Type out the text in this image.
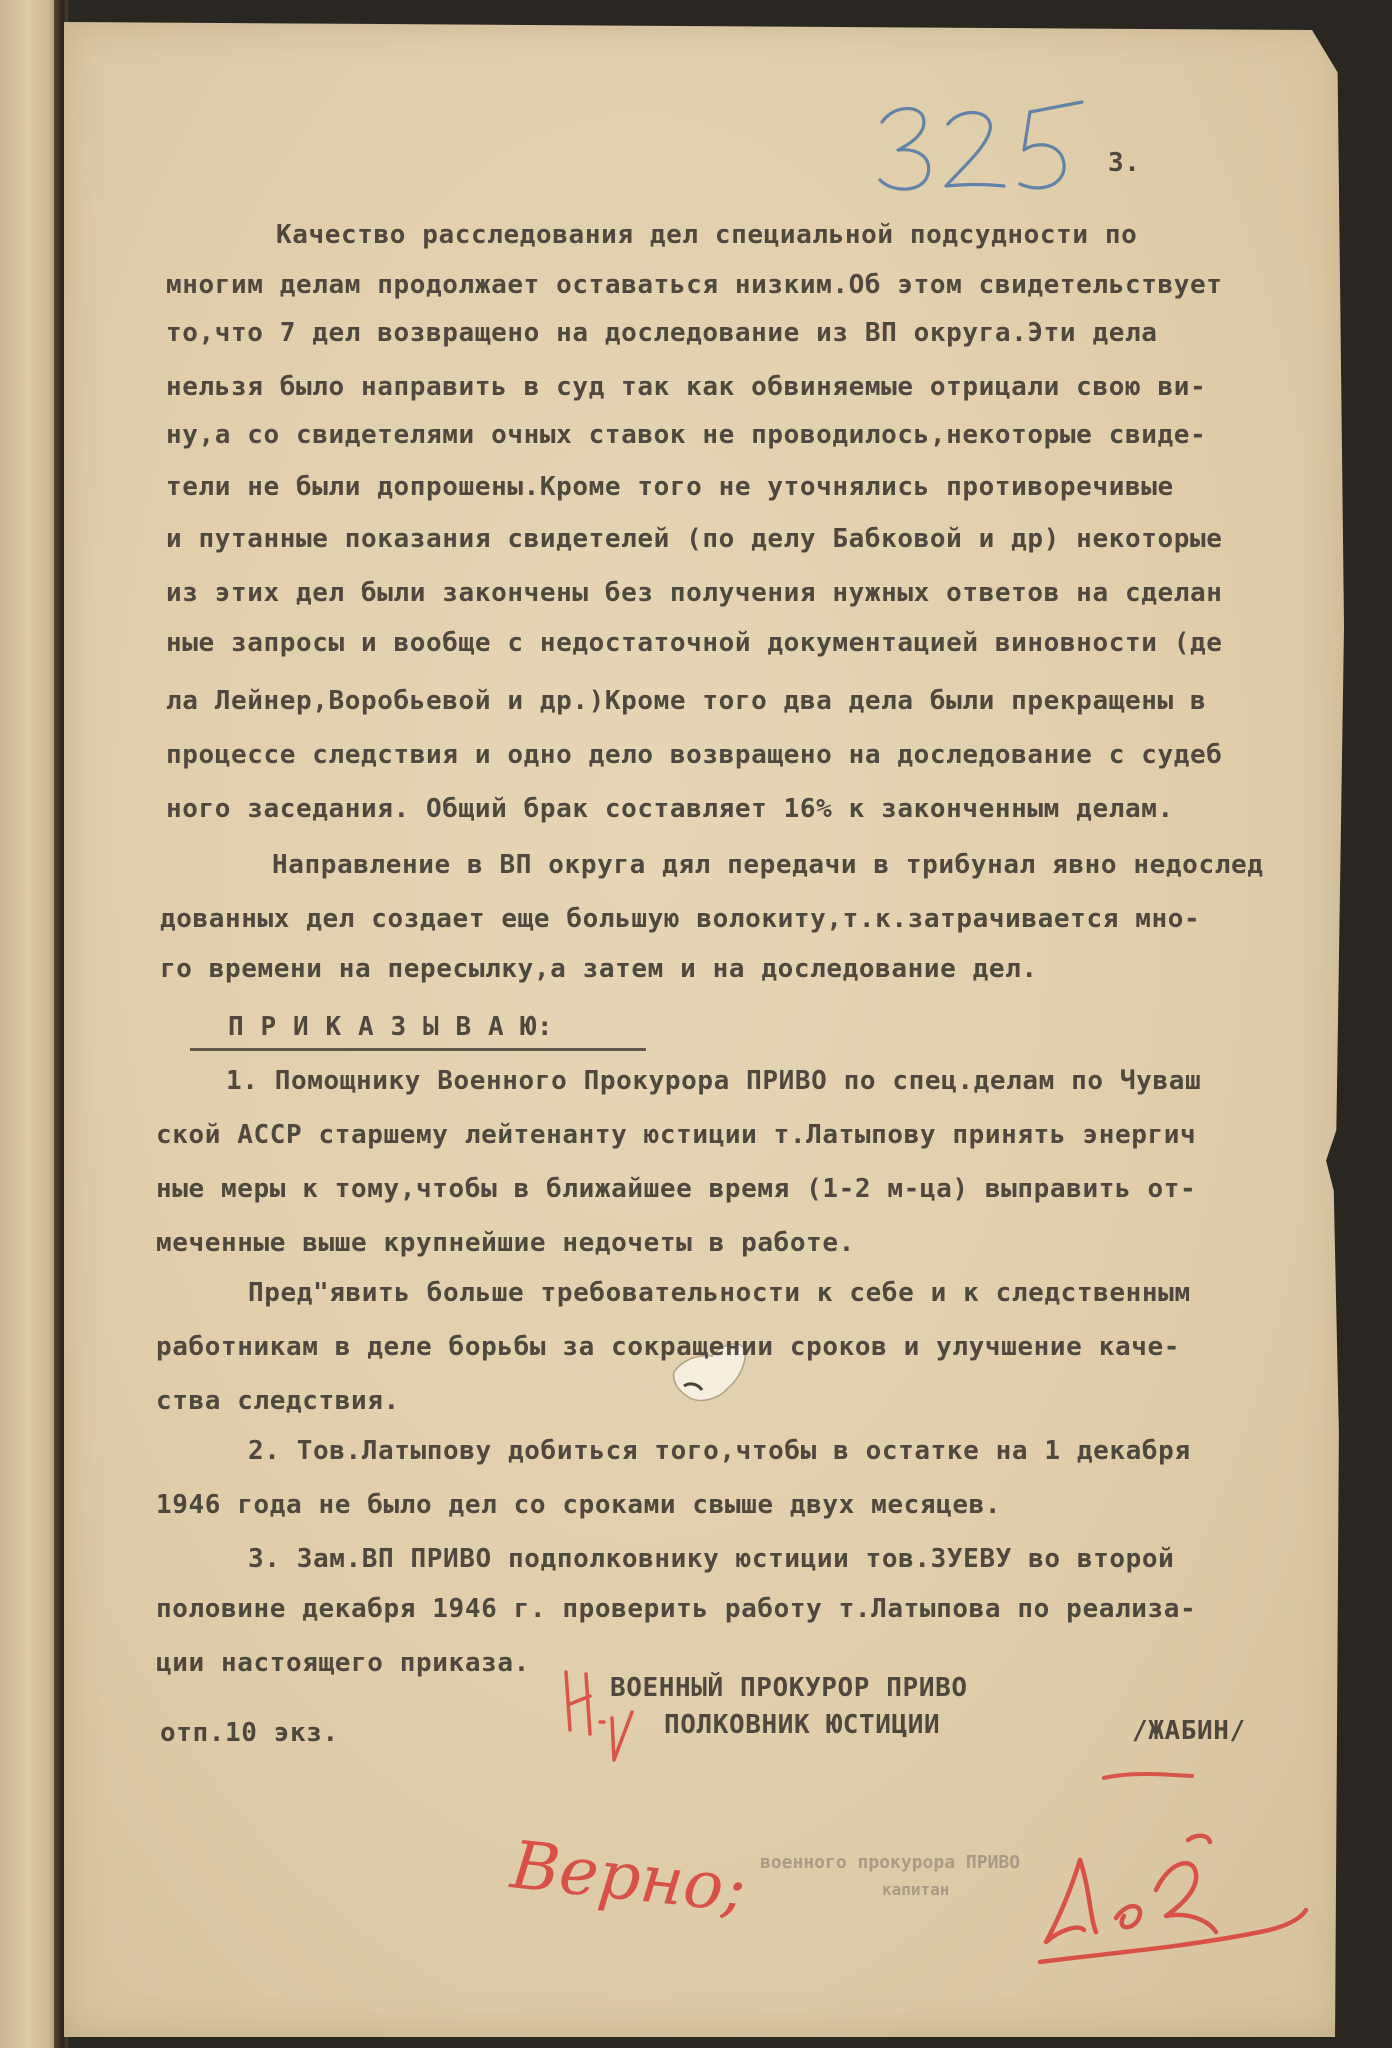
3.
отп.10 экз.
ВОЕННЫЙ ПРОКУРОР ПРИВО
ПОЛКОВНИК ЮСТИЦИИ	/ЖАБИН/
военного прокурора ПРИВО
капитан
Верно;
Качество расследования дел специальной подсудности по
многим делам продолжает оставаться низким.Об этом свидетельствует
то,что 7 дел возвращено на доследование из ВП округа.Эти дела
нельзя было направить в суд так как обвиняемые отрицали свою ви-
ну,а со свидетелями очных ставок не проводилось,некоторые свиде-
тели не были допрошены.Кроме того не уточнялись противоречивые
и путанные показания свидетелей (по делу Бабковой и др) некоторые
из этих дел были закончены без получения нужных ответов на сделан
ные запросы и вообще с недостаточной документацией виновности (де
ла Лейнер,Воробьевой и др.)Кроме того два дела были прекращены в
процессе следствия и одно дело возвращено на доследование с судеб
ного заседания. Общий брак составляет 16% к законченным делам.
Направление в ВП округа дял передачи в трибунал явно недослед
дованных дел создает еще большую волокиту,т.к.затрачивается мно-
го времени на пересылку,а затем и на доследование дел.
П Р И К А З Ы В А Ю:
1. Помощнику Военного Прокурора ПРИВО по спец.делам по Чуваш
ской АССР старшему лейтенанту юстиции т.Латыпову принять энергич
ные меры к тому,чтобы в ближайшее время (1-2 м-ца) выправить от-
меченные выше крупнейшие недочеты в работе.
Пред"явить больше требовательности к себе и к следственным
работникам в деле борьбы за сокращении сроков и улучшение каче-
ства следствия.
2. Тов.Латыпову добиться того,чтобы в остатке на 1 декабря
1946 года не было дел со сроками свыше двух месяцев.
3. Зам.ВП ПРИВО подполковнику юстиции тов.ЗУЕВУ во второй
половине декабря 1946 г. проверить работу т.Латыпова по реализа-
ции настоящего приказа.
